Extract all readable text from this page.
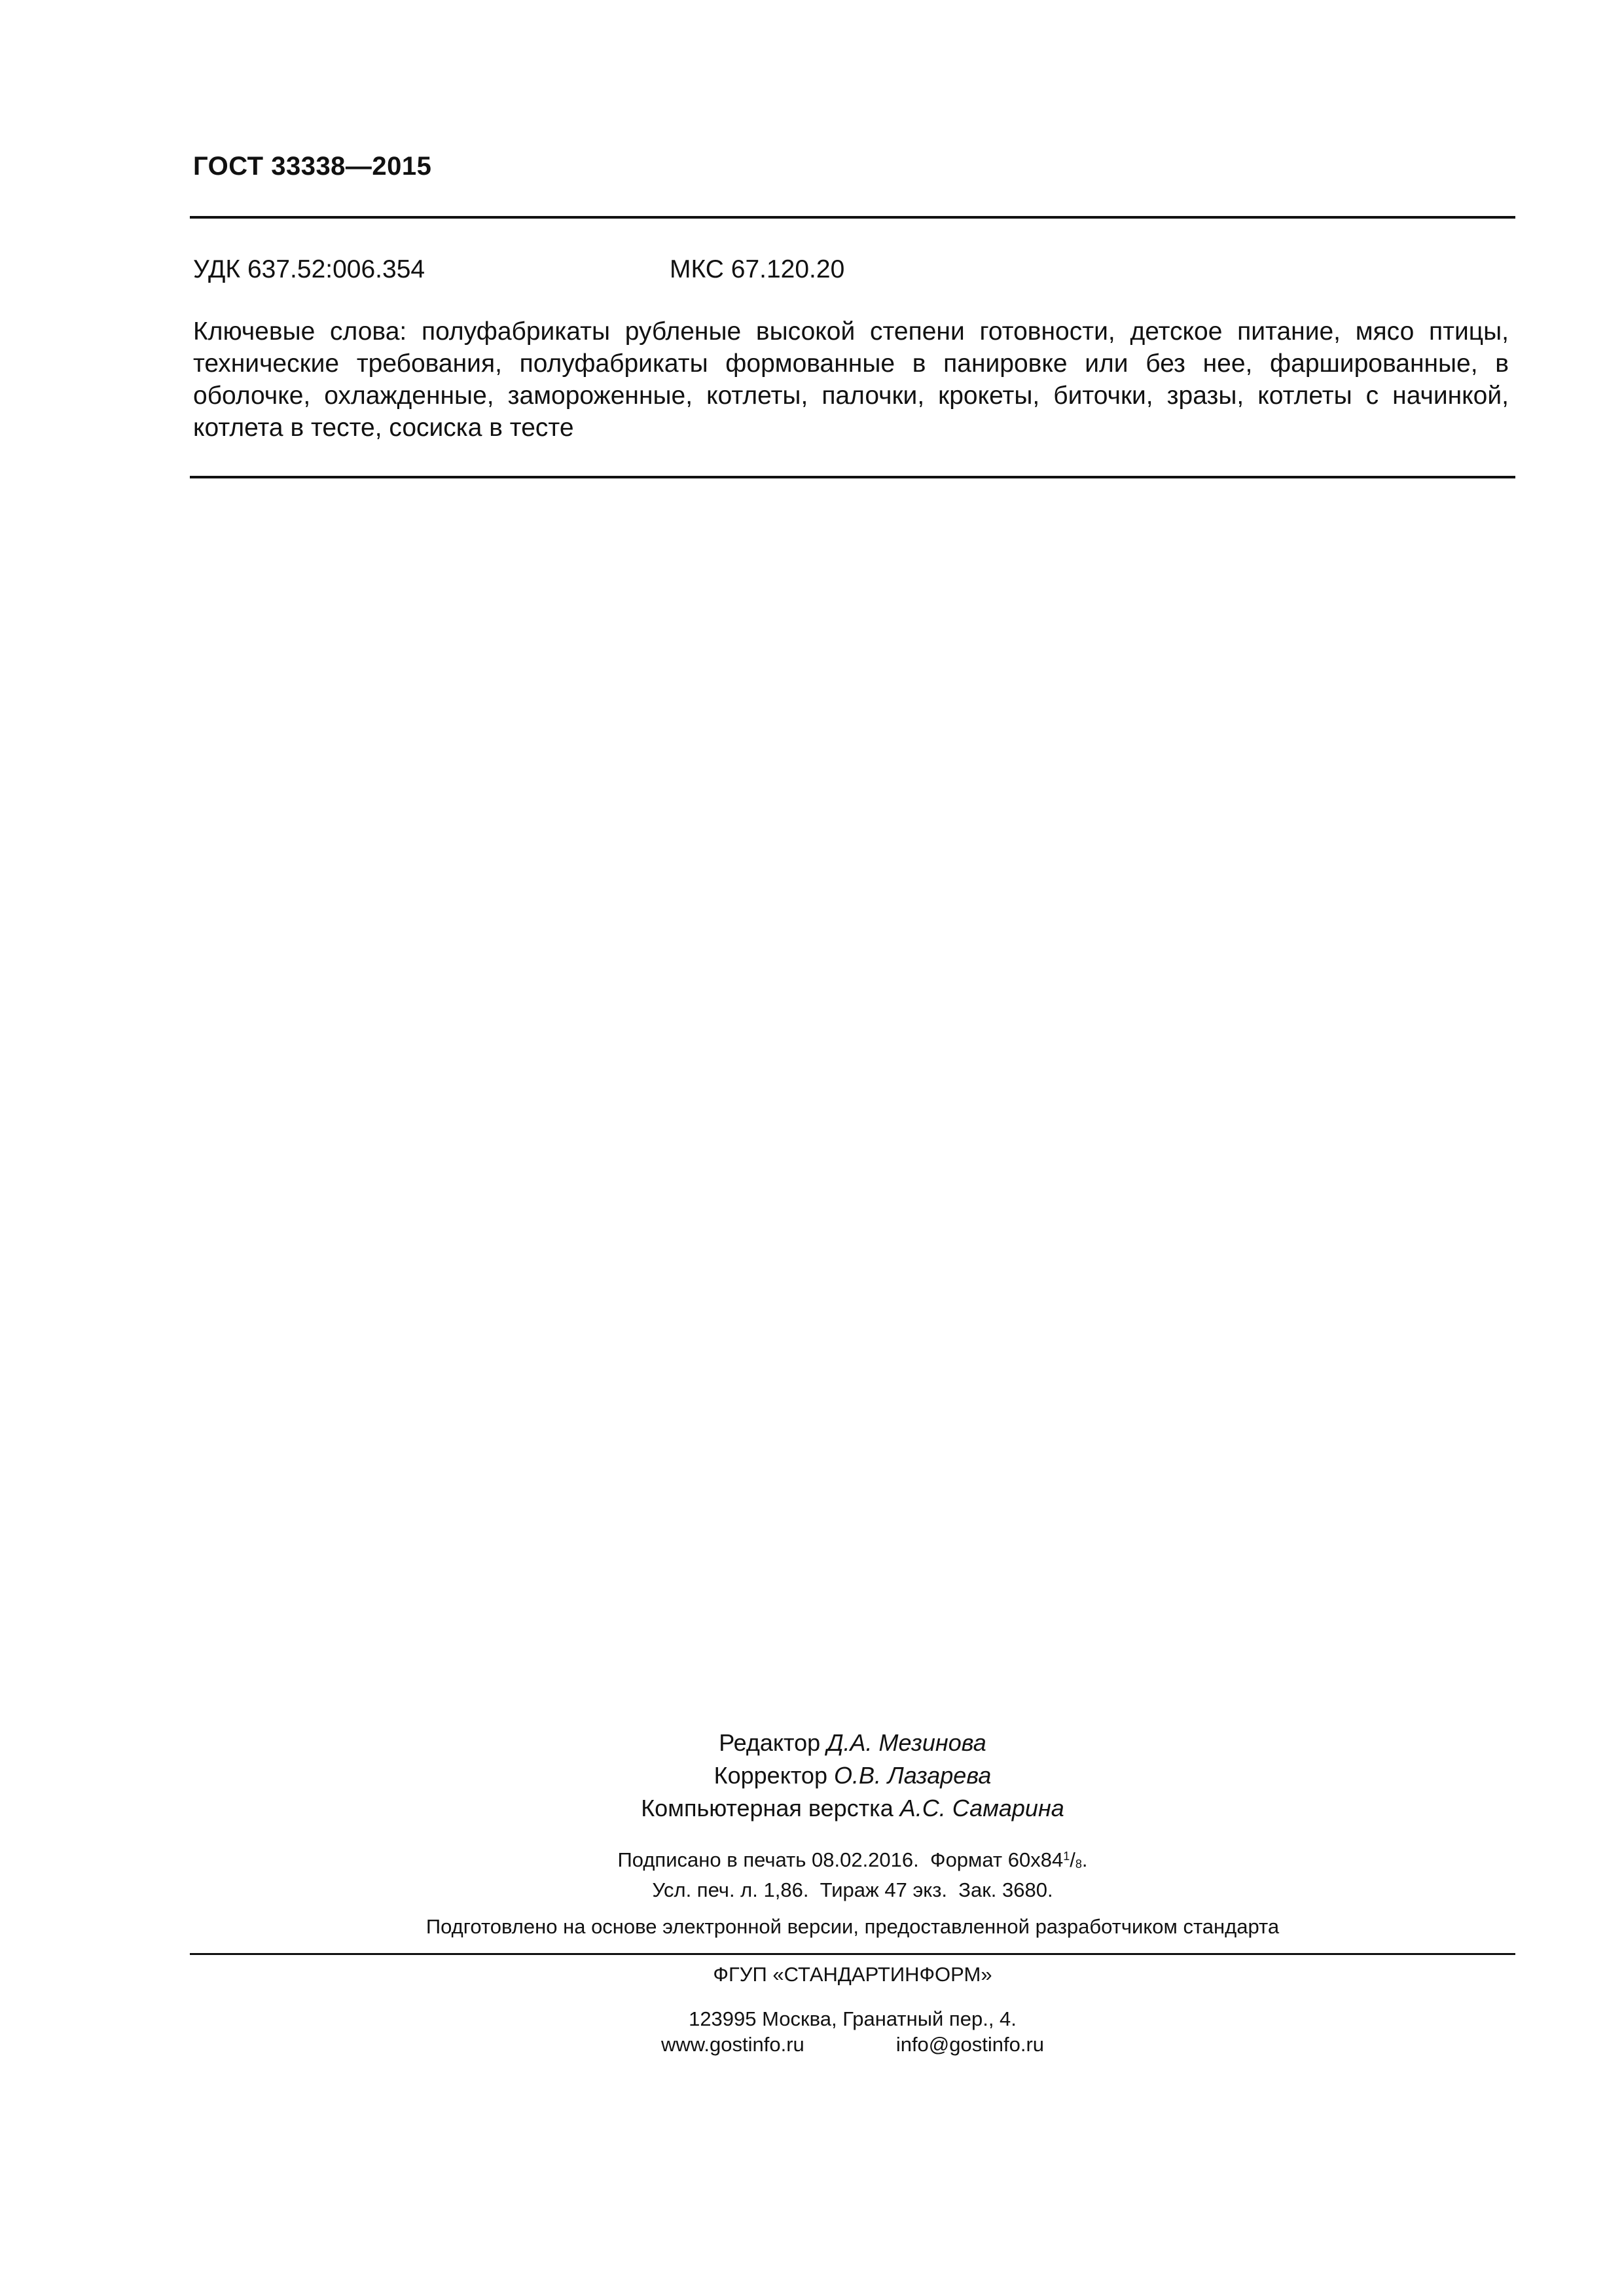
ГОСТ 33338—2015
УДК 637.52:006.354	МКС 67.120.20
Ключевые слова: полуфабрикаты рубленые высокой степени готовности, детское питание, мясо птицы, технические требования, полуфабрикаты формованные в панировке или без нее, фаршированные, в оболочке, охлажденные, замороженные, котлеты, палочки, крокеты, биточки, зразы, котлеты с начинкой, котлета в тесте, сосиска в тесте
Редактор Д.А. Мезинова
Корректор О.В. Лазарева
Компьютерная верстка А.С. Самарина
Подписано в печать 08.02.2016. Формат $60х84^1/_8$.
Усл. печ. л. 1,86.  Тираж 47 экз.  Зак. 3680.
Подготовлено на основе электронной версии, предоставленной разработчиком стандарта
ФГУП «СТАНДАРТИНФОРМ»
123995 Москва, Гранатный пер., 4.
www.gostinfo.ru	info@gostinfo.ru
